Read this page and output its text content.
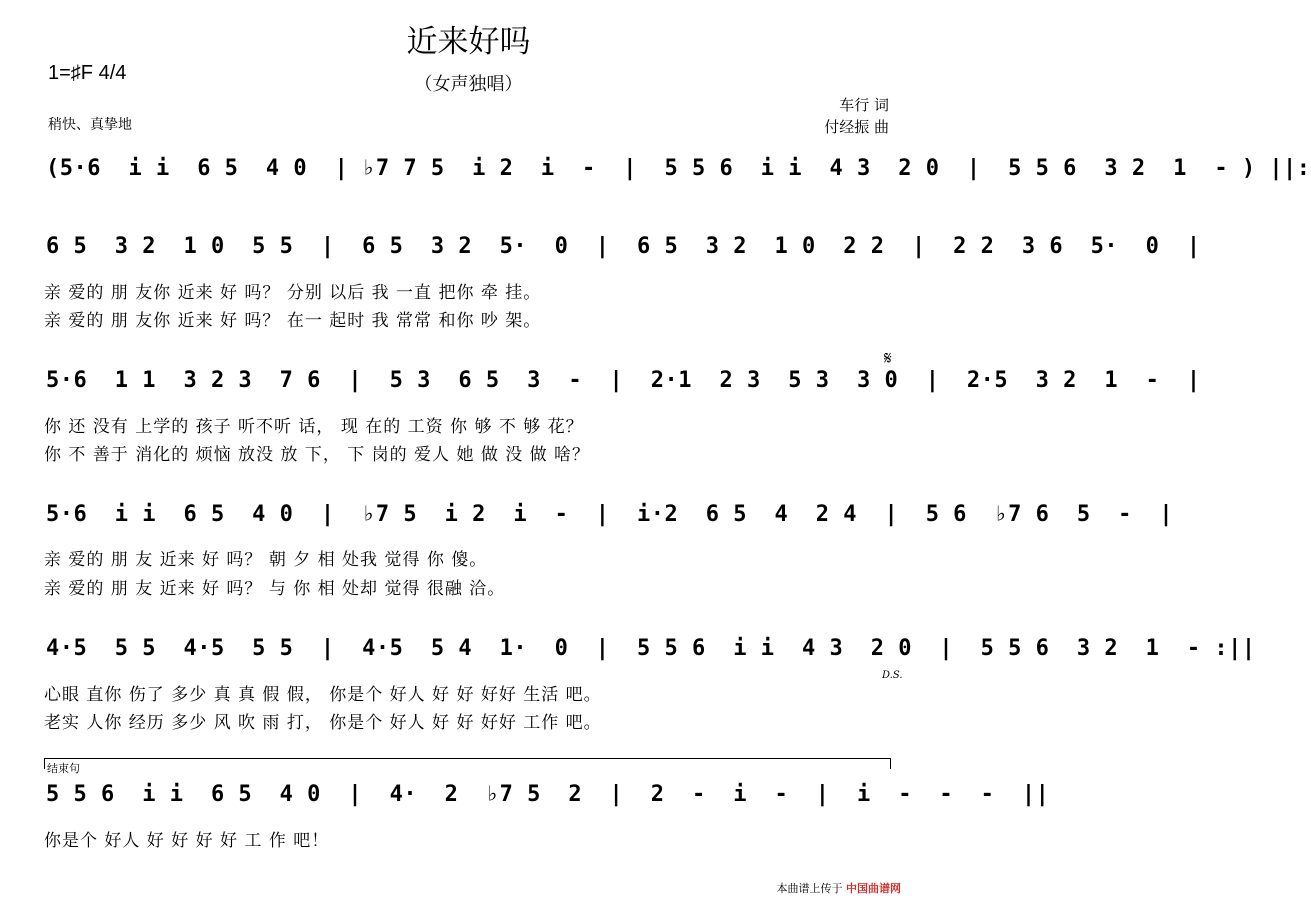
近来好吗
（女声独唱）
1=♯F 4/4
稍快、真挚地
车行 词
付经振 曲
(5·6  i i  6 5  4 0  | ♭7 7 5  i 2  i  -  |  5 5 6  i i  4 3  2 0  |  5 5 6  3 2  1  - ) ||:
6 5  3 2  1 0  5 5  |  6 5  3 2  5·  0  |  6 5  3 2  1 0  2 2  |  2 2  3 6  5·  0  |
亲 爱的 朋 友你 近来 好 吗？ 分别 以后 我 一直 把你 牵 挂。
亲 爱的 朋 友你 近来 好 吗？ 在一 起时 我 常常 和你 吵 架。
𝄋
5·6  1 1  3 2 3  7 6  |  5 3  6 5  3  -  |  2·1  2 3  5 3  3 0  |  2·5  3 2  1  -  |
你 还 没有 上学的 孩子 听不听 话， 现 在的 工资 你 够 不 够 花？
你 不 善于 消化的 烦恼 放没 放 下， 下 岗的 爱人 她 做 没 做 啥？
5·6  i i  6 5  4 0  |  ♭7 5  i 2  i  -  |  i·2  6 5  4  2 4  |  5 6  ♭7 6  5  -  |
亲 爱的 朋 友 近来 好 吗？ 朝 夕 相 处我 觉得 你 傻。
亲 爱的 朋 友 近来 好 吗？ 与 你 相 处却 觉得 很融 洽。
4·5  5 5  4·5  5 5  |  4·5  5 4  1·  0  |  5 5 6  i i  4 3  2 0  |  5 5 6  3 2  1  - :||
D.S.
心眼 直你 伤了 多少 真 真 假 假， 你是个 好人 好 好 好好 生活 吧。
老实 人你 经历 多少 风 吹 雨 打， 你是个 好人 好 好 好好 工作 吧。
结束句
5 5 6  i i  6 5  4 0  |  4·  2  ♭7 5  2  |  2  -  i  -  |  i  -  -  -  ||
你是个 好人 好 好 好 好 工 作 吧！
本曲谱上传于 中国曲谱网
